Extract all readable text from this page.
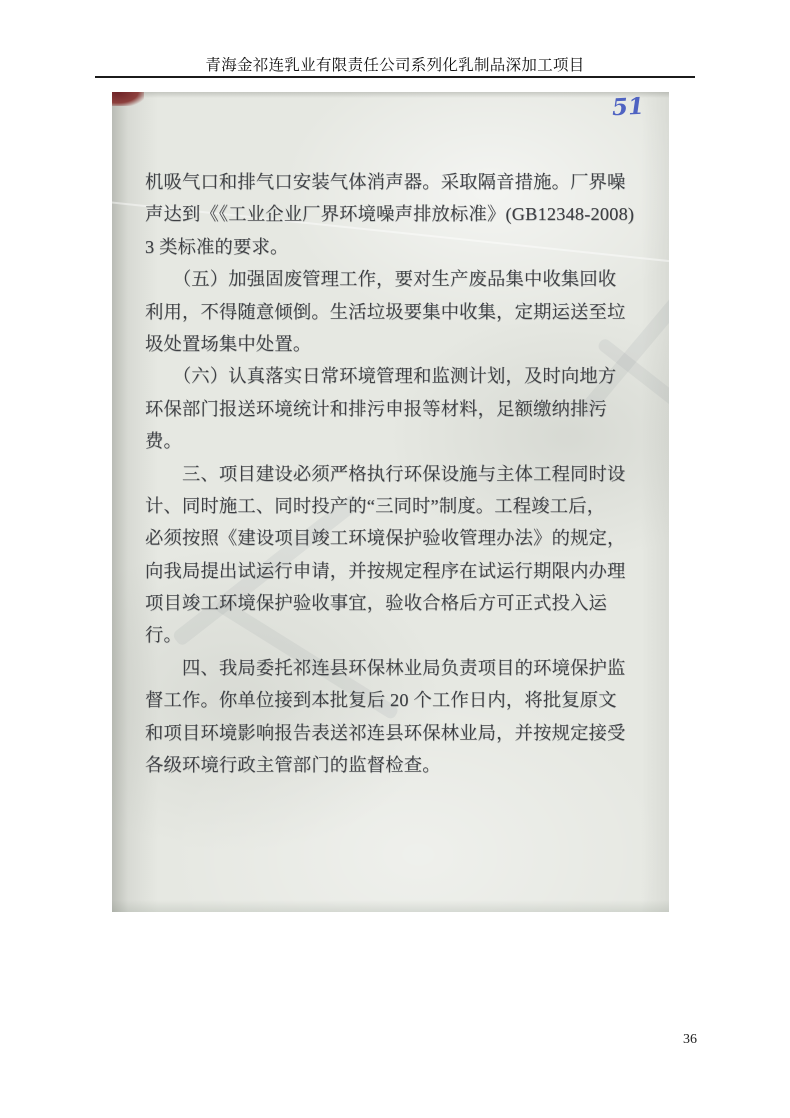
青海金祁连乳业有限责任公司系列化乳制品深加工项目
51
机吸气口和排气口安装气体消声器。采取隔音措施。厂界噪
声达到《《工业企业厂界环境噪声排放标准》(GB12348-2008)
3 类标准的要求。
　　（五）加强固废管理工作，要对生产废品集中收集回收
利用，不得随意倾倒。生活垃圾要集中收集，定期运送至垃
圾处置场集中处置。
　　（六）认真落实日常环境管理和监测计划，及时向地方
环保部门报送环境统计和排污申报等材料，足额缴纳排污
费。
　　三、项目建设必须严格执行环保设施与主体工程同时设
计、同时施工、同时投产的“三同时”制度。工程竣工后，
必须按照《建设项目竣工环境保护验收管理办法》的规定，
向我局提出试运行申请，并按规定程序在试运行期限内办理
项目竣工环境保护验收事宜，验收合格后方可正式投入运
行。
　　四、我局委托祁连县环保林业局负责项目的环境保护监
督工作。你单位接到本批复后 20 个工作日内，将批复原文
和项目环境影响报告表送祁连县环保林业局，并按规定接受
各级环境行政主管部门的监督检查。
36
